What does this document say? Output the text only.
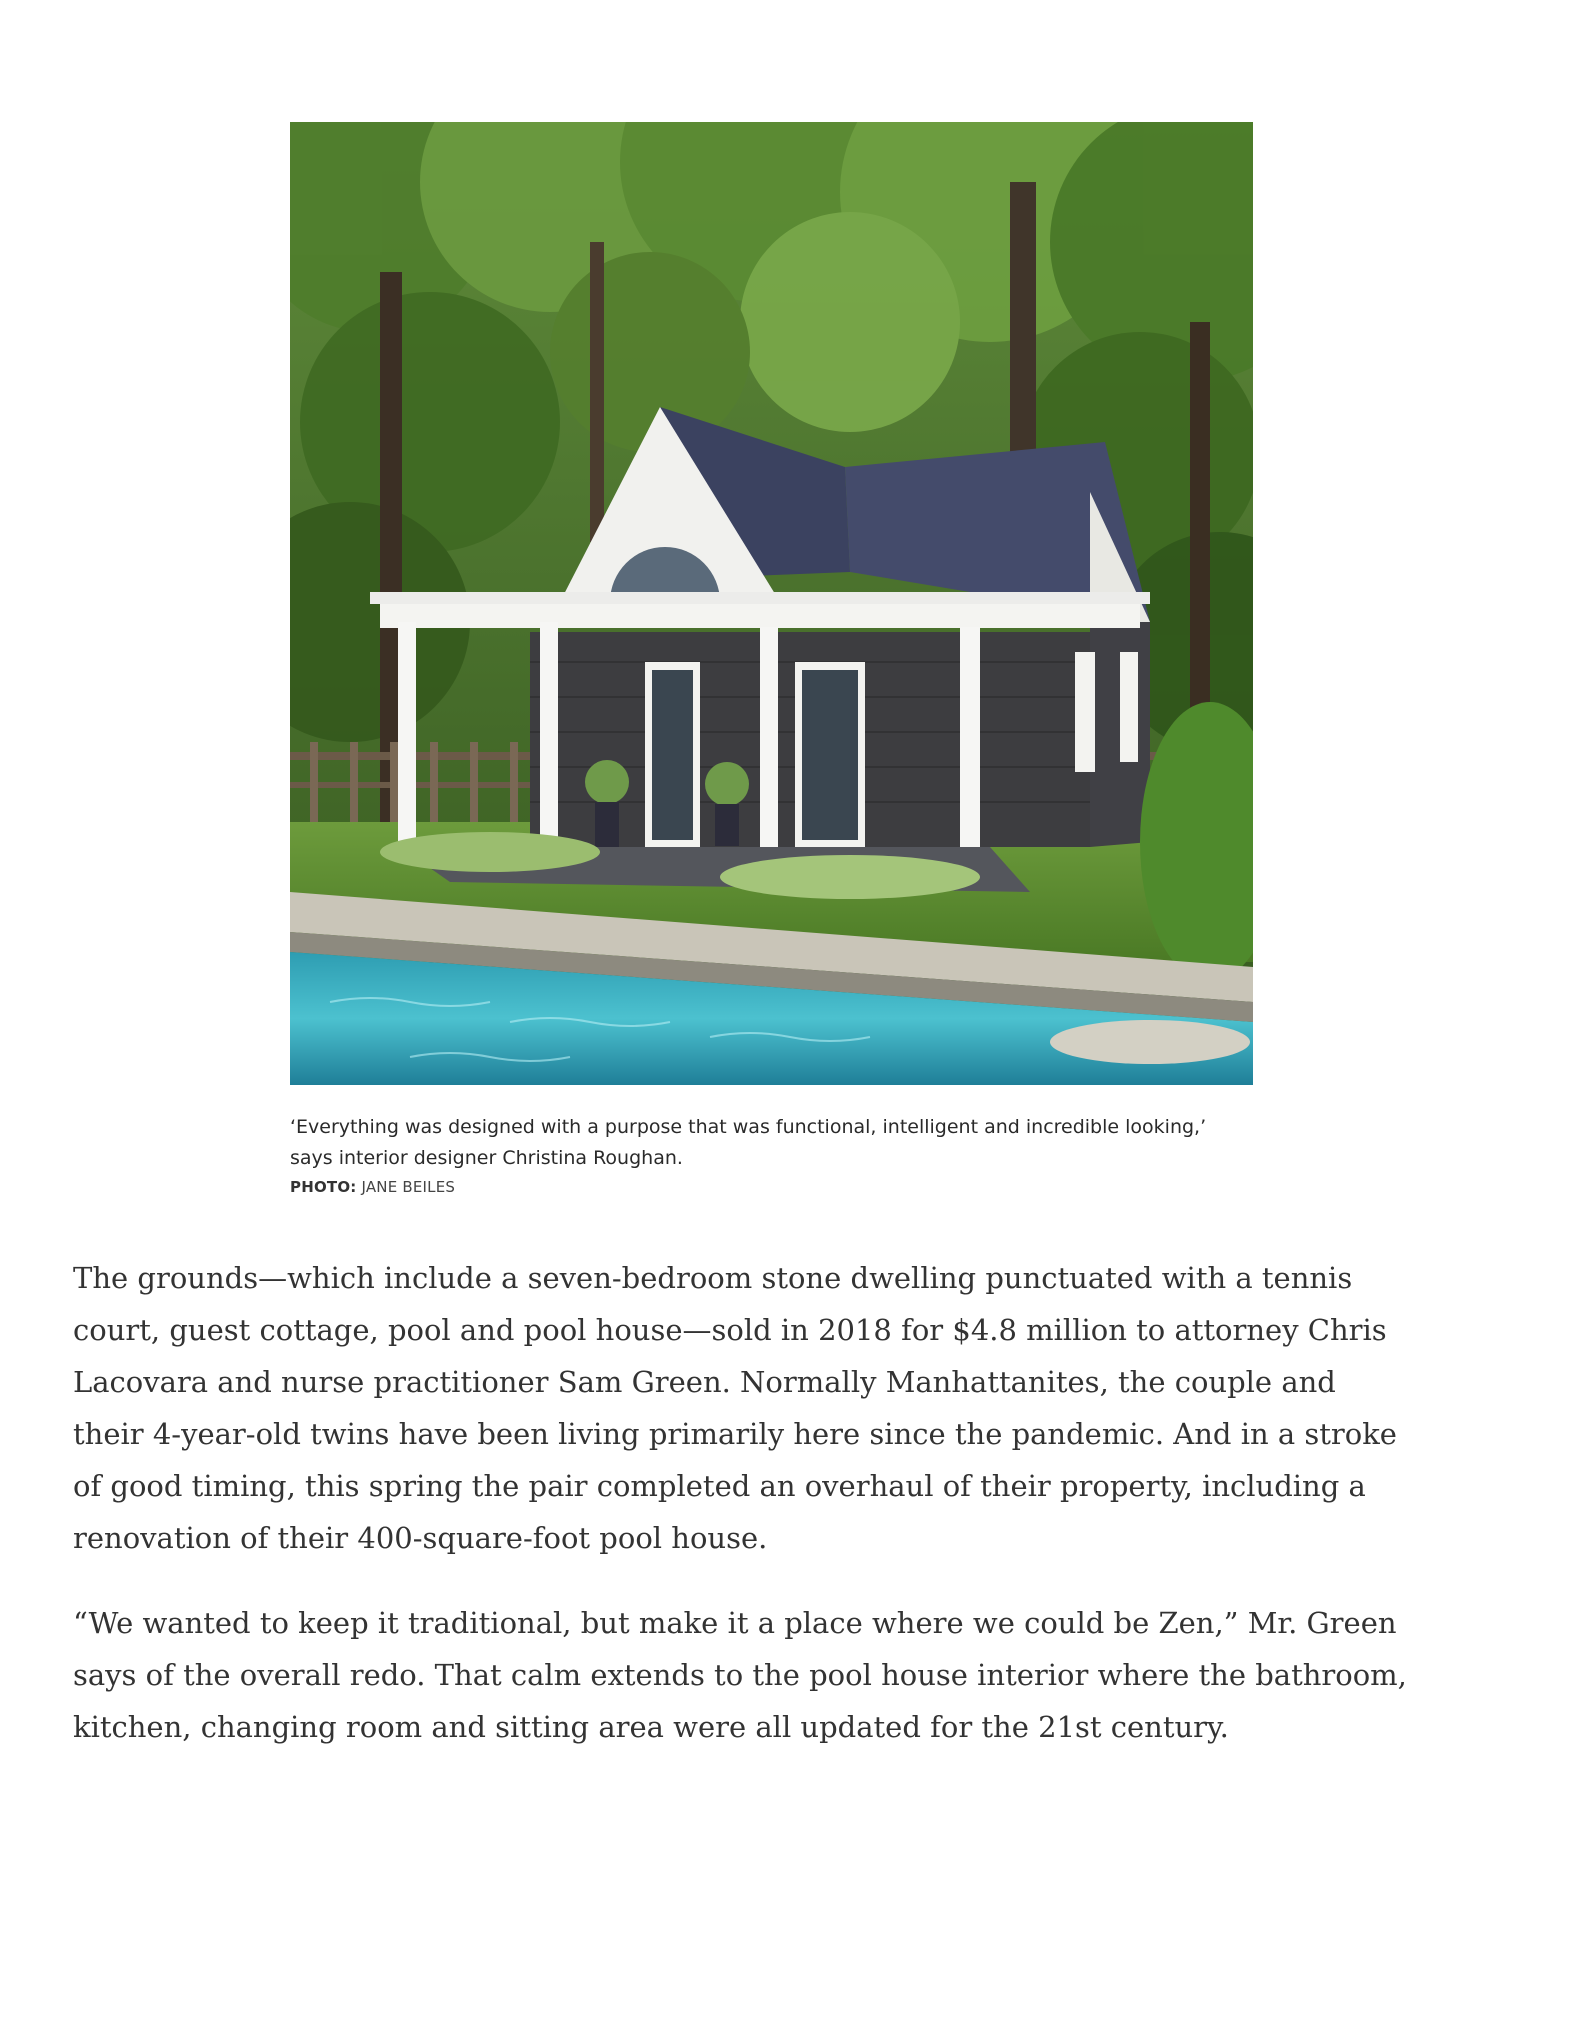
‘Everything was designed with a purpose that was functional, intelligent and incredible looking,’ says interior designer Christina Roughan.
PHOTO: JANE BEILES

The grounds—which include a seven-bedroom stone dwelling punctuated with a tennis court, guest cottage, pool and pool house—sold in 2018 for $4.8 million to attorney Chris Lacovara and nurse practitioner Sam Green. Normally Manhattanites, the couple and their 4-year-old twins have been living primarily here since the pandemic. And in a stroke of good timing, this spring the pair completed an overhaul of their property, including a renovation of their 400-square-foot pool house.

“We wanted to keep it traditional, but make it a place where we could be Zen,” Mr. Green says of the overall redo. That calm extends to the pool house interior where the bathroom, kitchen, changing room and sitting area were all updated for the 21st century.
